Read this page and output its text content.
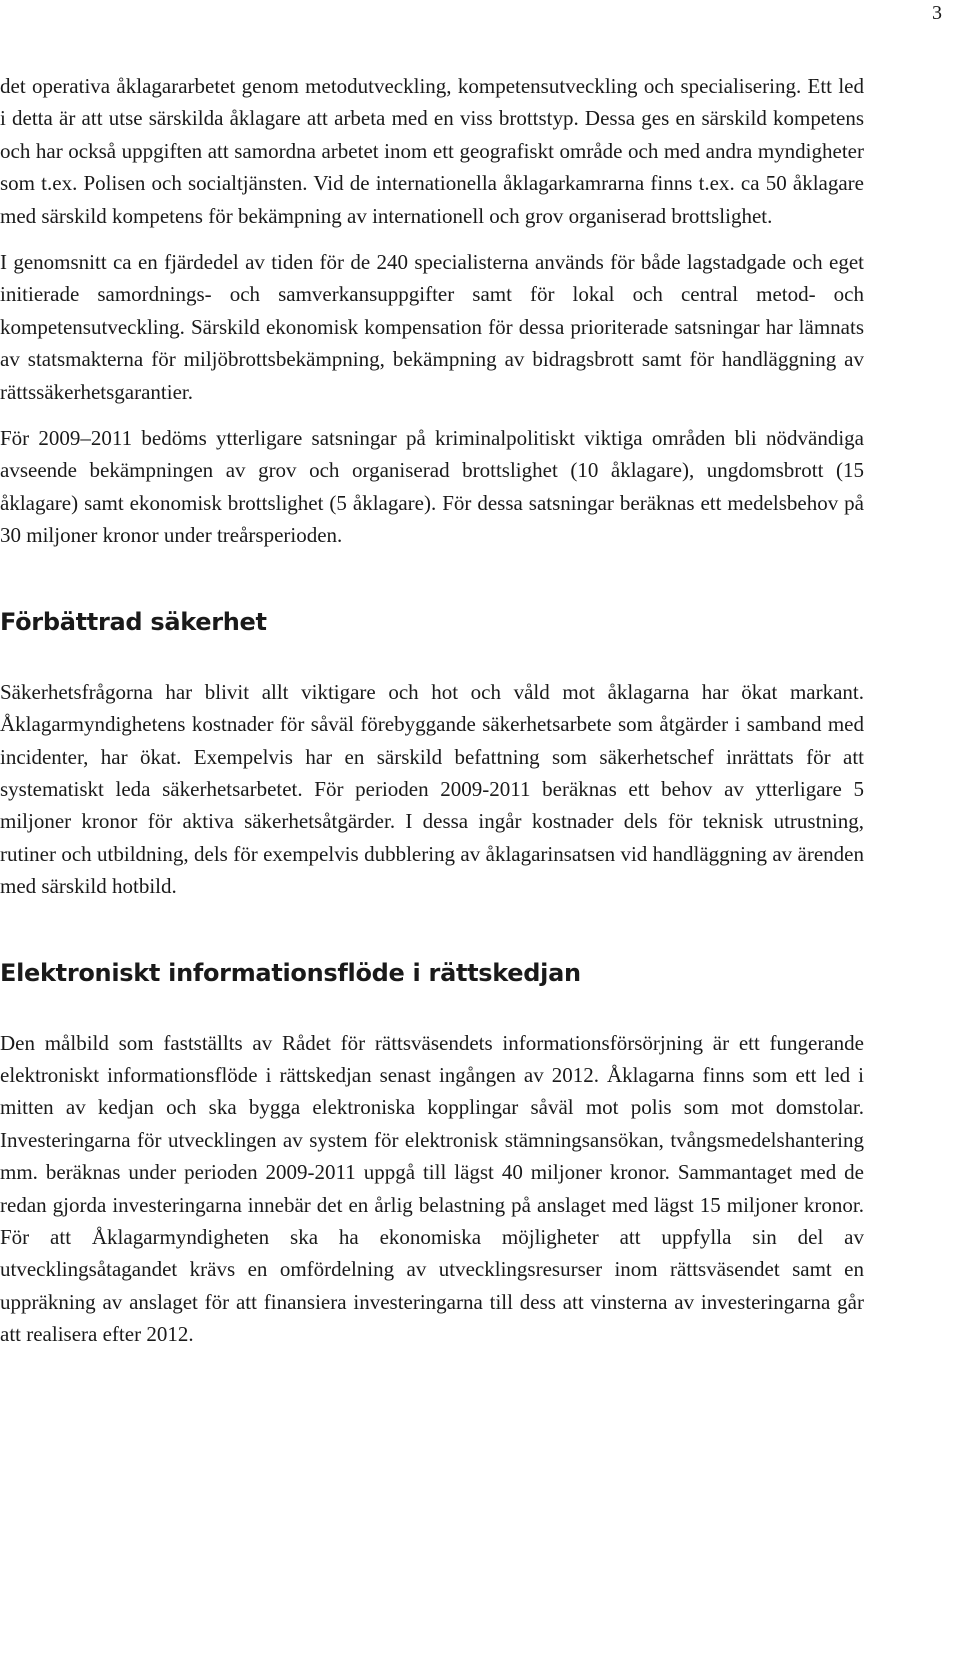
3

det operativa åklagararbetet genom metodutveckling, kompetensutveckling och specialisering. Ett led i detta är att utse särskilda åklagare att arbeta med en viss brottstyp. Dessa ges en särskild kompetens och har också uppgiften att samordna arbetet inom ett geografiskt område och med andra myndigheter som t.ex. Polisen och socialtjänsten. Vid de internationella åklagarkamrarna finns t.ex. ca 50 åklagare med särskild kompetens för bekämpning av internationell och grov organiserad brottslighet.

I genomsnitt ca en fjärdedel av tiden för de 240 specialisterna används för både lagstadgade och eget initierade samordnings- och samverkansuppgifter samt för lokal och central metod- och kompetensutveckling. Särskild ekonomisk kompensation för dessa prioriterade satsningar har lämnats av statsmakterna för miljöbrottsbekämpning, bekämpning av bidragsbrott samt för handläggning av rättssäkerhetsgarantier.

För 2009–2011 bedöms ytterligare satsningar på kriminalpolitiskt viktiga områden bli nödvändiga avseende bekämpningen av grov och organiserad brottslighet (10 åklagare), ungdomsbrott (15 åklagare) samt ekonomisk brottslighet (5 åklagare). För dessa satsningar beräknas ett medelsbehov på 30 miljoner kronor under treårsperioden.

Förbättrad säkerhet

Säkerhetsfrågorna har blivit allt viktigare och hot och våld mot åklagarna har ökat markant. Åklagarmyndighetens kostnader för såväl förebyggande säkerhetsarbete som åtgärder i samband med incidenter, har ökat. Exempelvis har en särskild befattning som säkerhetschef inrättats för att systematiskt leda säkerhetsarbetet. För perioden 2009-2011 beräknas ett behov av ytterligare 5 miljoner kronor för aktiva säkerhetsåtgärder. I dessa ingår kostnader dels för teknisk utrustning, rutiner och utbildning, dels för exempelvis dubblering av åklagarinsatsen vid handläggning av ärenden med särskild hotbild.

Elektroniskt informationsflöde i rättskedjan

Den målbild som fastställts av Rådet för rättsväsendets informationsförsörjning är ett fungerande elektroniskt informationsflöde i rättskedjan senast ingången av 2012. Åklagarna finns som ett led i mitten av kedjan och ska bygga elektroniska kopplingar såväl mot polis som mot domstolar. Investeringarna för utvecklingen av system för elektronisk stämningsansökan, tvångsmedelshantering mm. beräknas under perioden 2009-2011 uppgå till lägst 40 miljoner kronor. Sammantaget med de redan gjorda investeringarna innebär det en årlig belastning på anslaget med lägst 15 miljoner kronor. För att Åklagarmyndigheten ska ha ekonomiska möjligheter att uppfylla sin del av utvecklingsåtagandet krävs en omfördelning av utvecklingsresurser inom rättsväsendet samt en uppräkning av anslaget för att finansiera investeringarna till dess att vinsterna av investeringarna går att realisera efter 2012.
